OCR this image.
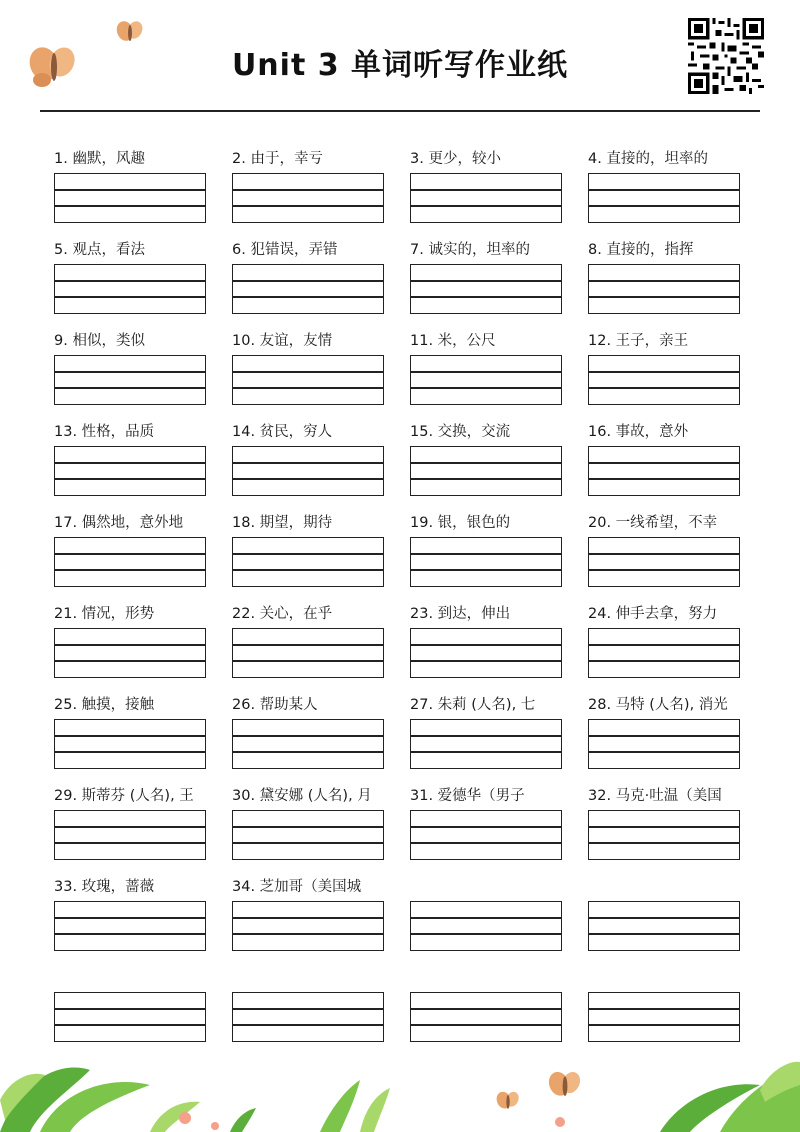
Unit 3 单词听写作业纸
1. 幽默，风趣	2. 由于，幸亏	3. 更少，较小	4. 直接的，坦率的
5. 观点，看法	6. 犯错误，弄错	7. 诚实的，坦率的	8. 直接的，指挥
9. 相似，类似	10. 友谊，友情	11. 米，公尺	12. 王子，亲王
13. 性格，品质	14. 贫民，穷人	15. 交换，交流	16. 事故，意外
17. 偶然地，意外地	18. 期望，期待	19. 银，银色的	20. 一线希望，不幸
21. 情况，形势	22. 关心，在乎	23. 到达，伸出	24. 伸手去拿，努力
25. 触摸，接触	26. 帮助某人	27. 朱莉 (人名), 七	28. 马特 (人名), 消光
29. 斯蒂芬 (人名), 王	30. 黛安娜 (人名), 月	31. 爱德华（男子	32. 马克·吐温（美国
33. 玫瑰，蔷薇	34. 芝加哥（美国城
